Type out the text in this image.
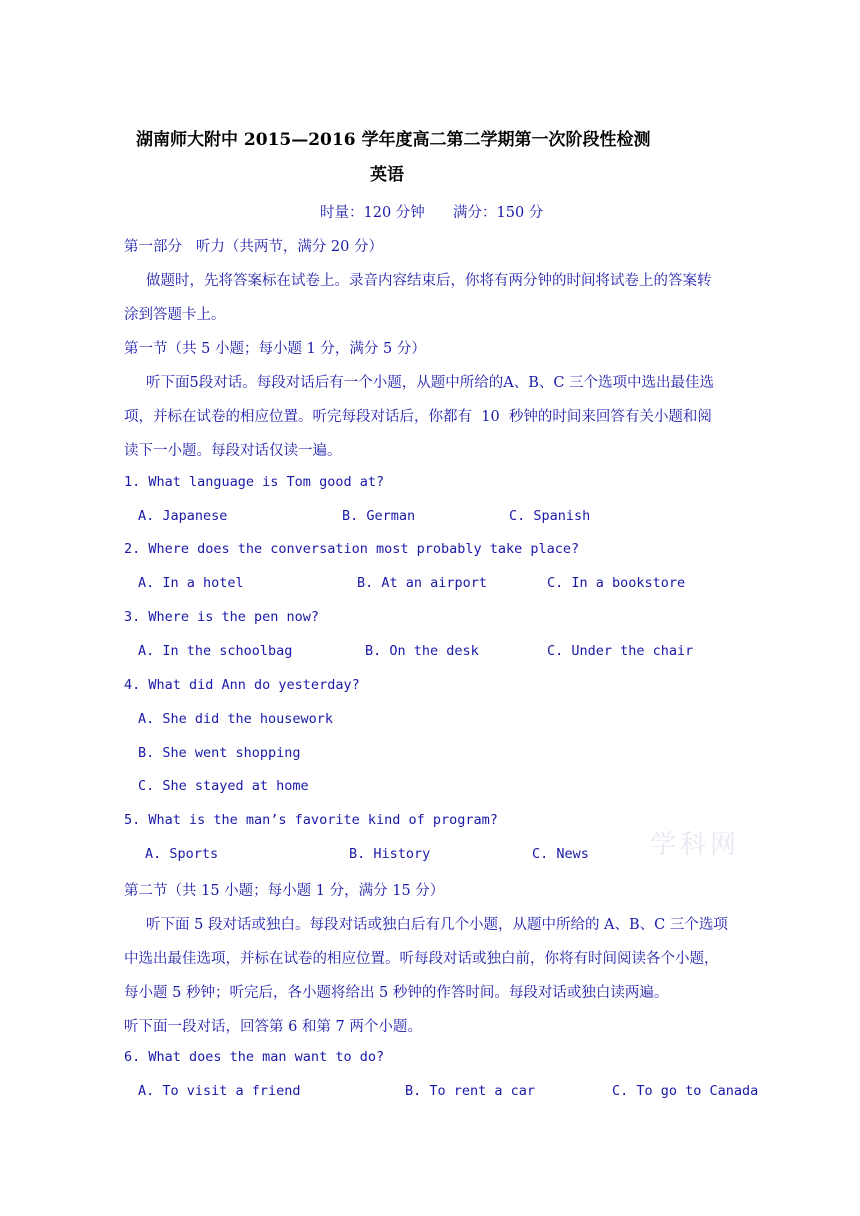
湖南师大附中 2015—2016 学年度高二第二学期第一次阶段性检测
英语
时量：120 分钟 满分：150 分
第一部分   听力（共两节，满分 20 分）
做题时，先将答案标在试卷上。录音内容结束后，你将有两分钟的时间将试卷上的答案转
涂到答题卡上。
第一节（共 5 小题；每小题 1 分，满分 5 分）
听下面5段对话。每段对话后有一个小题，从题中所给的A、B、C 三个选项中选出最佳选
项，并标在试卷的相应位置。听完每段对话后，你都有  10  秒钟的时间来回答有关小题和阅
读下一小题。每段对话仅读一遍。
1. What language is Tom good at?
A. Japanese	B. German	C. Spanish
2. Where does the conversation most probably take place?
A. In a hotel	B. At an airport	C. In a bookstore
3. Where is the pen now?
A. In the schoolbag	B. On the desk	C. Under the chair
4. What did Ann do yesterday?
A. She did the housework
B. She went shopping
C. She stayed at home
5. What is the man’s favorite kind of program?
A. Sports	B. History	C. News 学科网
第二节（共 15 小题；每小题 1 分，满分 15 分）
听下面 5 段对话或独白。每段对话或独白后有几个小题，从题中所给的 A、B、C 三个选项
中选出最佳选项，并标在试卷的相应位置。听每段对话或独白前，你将有时间阅读各个小题，
每小题 5 秒钟；听完后，各小题将给出 5 秒钟的作答时间。每段对话或独白读两遍。
听下面一段对话，回答第 6 和第 7 两个小题。
6. What does the man want to do?
A. To visit a friend	B. To rent a car	C. To go to Canada
